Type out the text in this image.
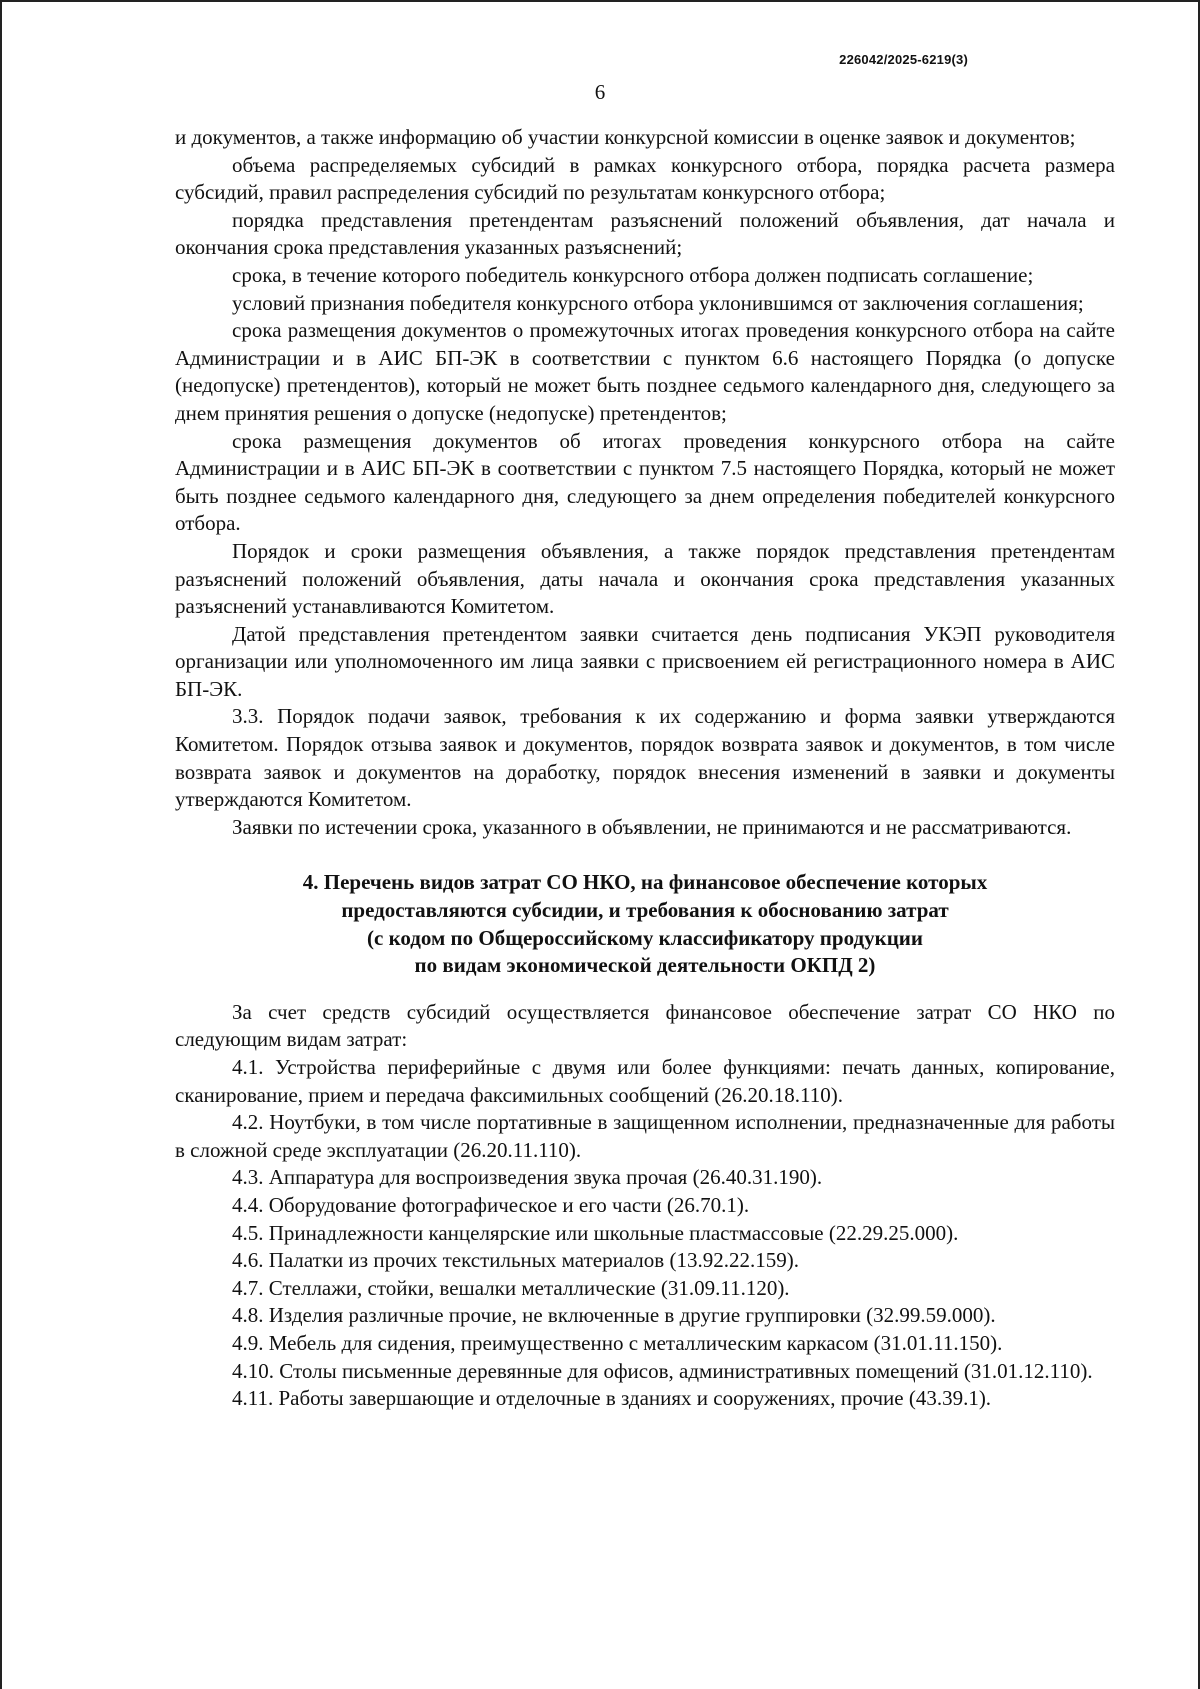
226042/2025-6219(3)
6

и документов, а также информацию об участии конкурсной комиссии в оценке заявок и документов;

объема распределяемых субсидий в рамках конкурсного отбора, порядка расчета размера субсидий, правил распределения субсидий по результатам конкурсного отбора;

порядка представления претендентам разъяснений положений объявления, дат начала и окончания срока представления указанных разъяснений;

срока, в течение которого победитель конкурсного отбора должен подписать соглашение;

условий признания победителя конкурсного отбора уклонившимся от заключения соглашения;

срока размещения документов о промежуточных итогах проведения конкурсного отбора на сайте Администрации и в АИС БП-ЭК в соответствии с пунктом 6.6 настоящего Порядка (о допуске (недопуске) претендентов), который не может быть позднее седьмого календарного дня, следующего за днем принятия решения о допуске (недопуске) претендентов;

срока размещения документов об итогах проведения конкурсного отбора на сайте Администрации и в АИС БП-ЭК в соответствии с пунктом 7.5 настоящего Порядка, который не может быть позднее седьмого календарного дня, следующего за днем определения победителей конкурсного отбора.

Порядок и сроки размещения объявления, а также порядок представления претендентам разъяснений положений объявления, даты начала и окончания срока представления указанных разъяснений устанавливаются Комитетом.

Датой представления претендентом заявки считается день подписания УКЭП руководителя организации или уполномоченного им лица заявки с присвоением ей регистрационного номера в АИС БП-ЭК.

3.3. Порядок подачи заявок, требования к их содержанию и форма заявки утверждаются Комитетом. Порядок отзыва заявок и документов, порядок возврата заявок и документов, в том числе возврата заявок и документов на доработку, порядок внесения изменений в заявки и документы утверждаются Комитетом.

Заявки по истечении срока, указанного в объявлении, не принимаются и не рассматриваются.

4. Перечень видов затрат СО НКО, на финансовое обеспечение которых
предоставляются субсидии, и требования к обоснованию затрат
(с кодом по Общероссийскому классификатору продукции
по видам экономической деятельности ОКПД 2)

За счет средств субсидий осуществляется финансовое обеспечение затрат СО НКО по следующим видам затрат:

4.1. Устройства периферийные с двумя или более функциями: печать данных, копирование, сканирование, прием и передача факсимильных сообщений (26.20.18.110).

4.2. Ноутбуки, в том числе портативные в защищенном исполнении, предназначенные для работы в сложной среде эксплуатации (26.20.11.110).

4.3. Аппаратура для воспроизведения звука прочая (26.40.31.190).

4.4. Оборудование фотографическое и его части (26.70.1).

4.5. Принадлежности канцелярские или школьные пластмассовые (22.29.25.000).

4.6. Палатки из прочих текстильных материалов (13.92.22.159).

4.7. Стеллажи, стойки, вешалки металлические (31.09.11.120).

4.8. Изделия различные прочие, не включенные в другие группировки (32.99.59.000).

4.9. Мебель для сидения, преимущественно с металлическим каркасом (31.01.11.150).

4.10. Столы письменные деревянные для офисов, административных помещений (31.01.12.110).

4.11. Работы завершающие и отделочные в зданиях и сооружениях, прочие (43.39.1).
